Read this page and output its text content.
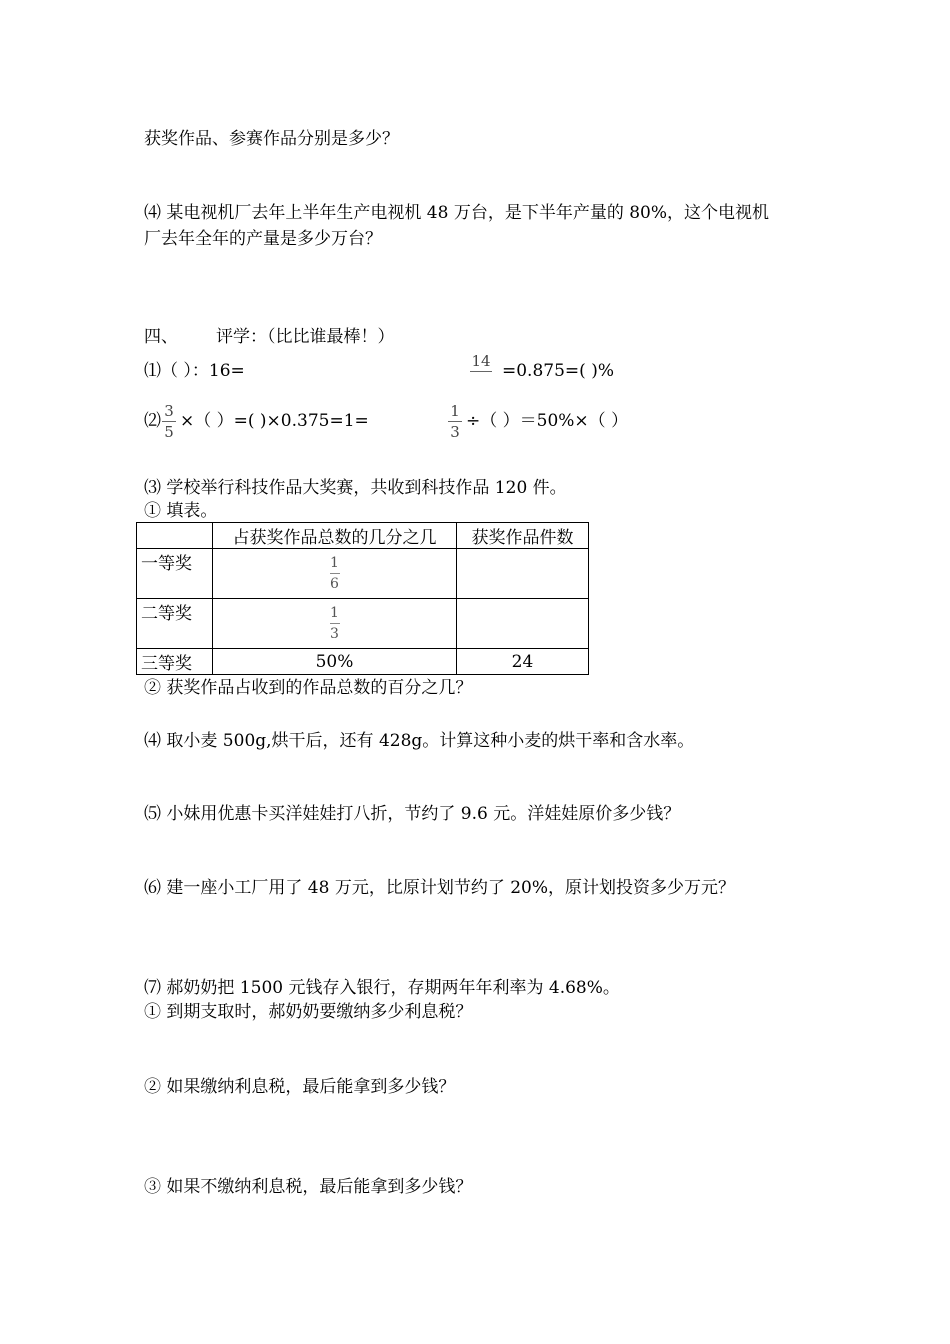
获奖作品、参赛作品分别是多少？
⑷ 某电视机厂去年上半年生产电视机 48 万台，是下半年产量的 80%，这个电视机
厂去年全年的产量是多少万台？
四、 评学：（比比谁最棒！）
⑴（ ）：16=	14 =0.875=( )%
⑵ 3
5
×（ ）=( )×0.375=1=	1
3
÷（ ）＝50%×（ ）
⑶ 学校举行科技作品大奖赛，共收到科技作品 120 件。
① 填表。
	占获奖作品总数的几分之几	获奖作品件数
一等奖	$\frac{1}{6}$	
二等奖	$\frac{1}{3}$	
三等奖	50%	24
② 获奖作品占收到的作品总数的百分之几？
⑷ 取小麦 500g,烘干后，还有 428g。计算这种小麦的烘干率和含水率。
⑸ 小妹用优惠卡买洋娃娃打八折，节约了 9.6 元。洋娃娃原价多少钱？
⑹ 建一座小工厂用了 48 万元，比原计划节约了 20%，原计划投资多少万元？
⑺ 郝奶奶把 1500 元钱存入银行，存期两年年利率为 4.68%。
① 到期支取时，郝奶奶要缴纳多少利息税？
② 如果缴纳利息税，最后能拿到多少钱？
③ 如果不缴纳利息税，最后能拿到多少钱？
